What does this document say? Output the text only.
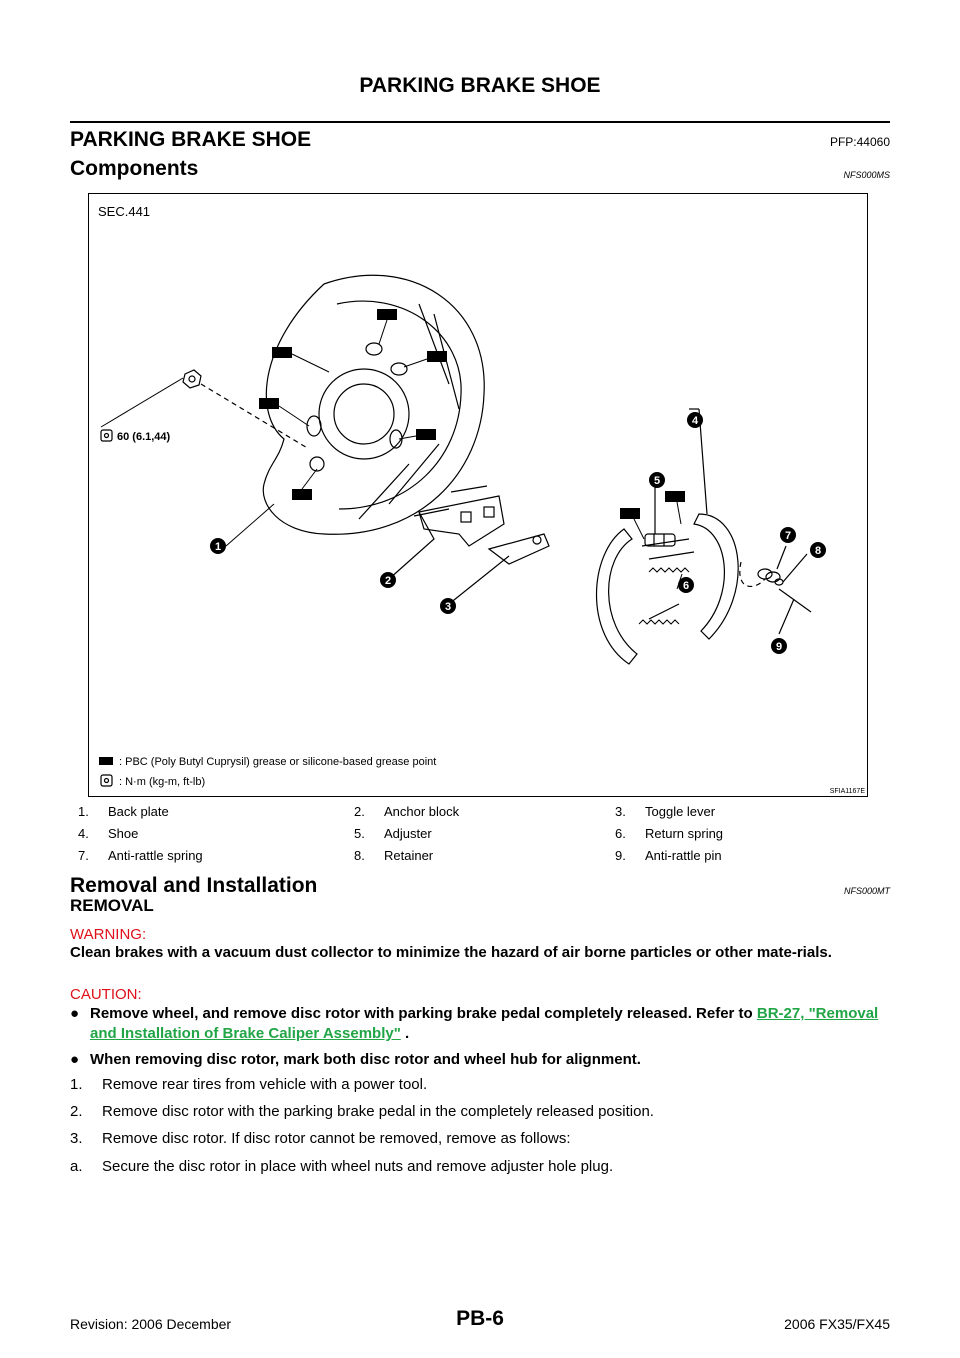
PARKING BRAKE SHOE
PARKING BRAKE SHOE	PFP:44060
Components	NFS000MS
SEC.441
60 (6.1,44)
1
2
3
4
5
6
7
8
9
: PBC (Poly Butyl Cuprysil) grease or silicone-based grease point
: N·m (kg-m, ft-lb)
SFIA1167E
1. Back plate	2. Anchor block	3. Toggle lever
4. Shoe	5. Adjuster	6. Return spring
7. Anti-rattle spring	8. Retainer	9. Anti-rattle pin
Removal and Installation	NFS000MT
REMOVAL
WARNING:
Clean brakes with a vacuum dust collector to minimize the hazard of air borne particles or other mate-rials.
CAUTION:
● Remove wheel, and remove disc rotor with parking brake pedal completely released. Refer to BR-27, "Removal and Installation of Brake Caliper Assembly" .
● When removing disc rotor, mark both disc rotor and wheel hub for alignment.
1. Remove rear tires from vehicle with a power tool.
2. Remove disc rotor with the parking brake pedal in the completely released position.
3. Remove disc rotor. If disc rotor cannot be removed, remove as follows:
a. Secure the disc rotor in place with wheel nuts and remove adjuster hole plug.
Revision: 2006 December	PB-6	2006 FX35/FX45
